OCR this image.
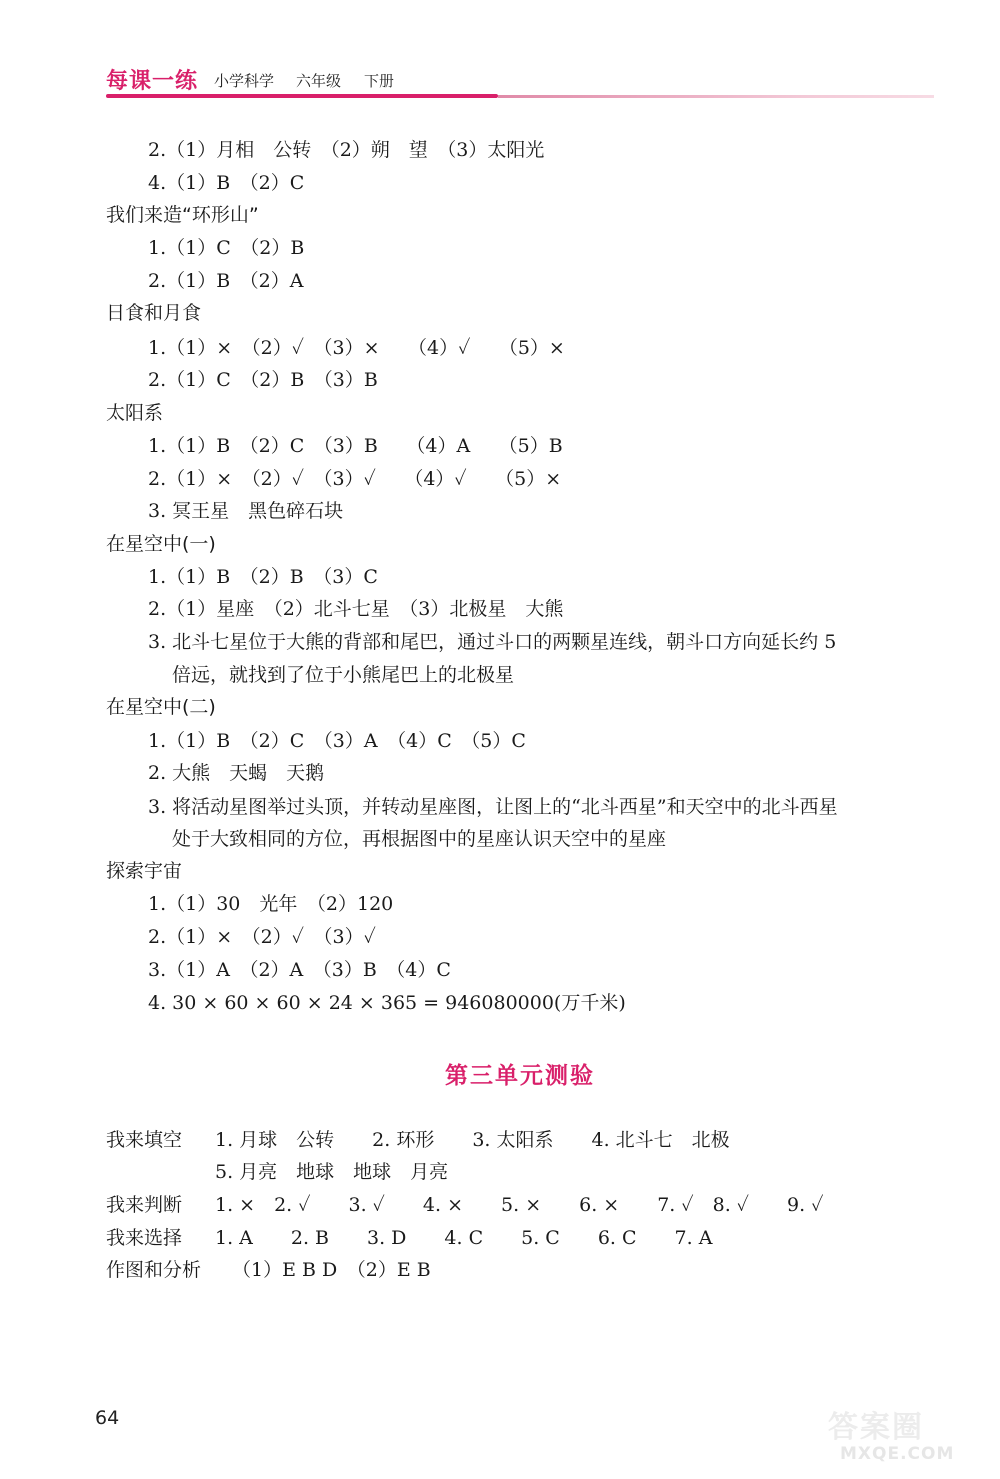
每课一练 小学科学 六年级 下册
2.（1）月相　公转　（2）朔　望　（3）太阳光
4.（1）B　（2）C
我们来造“环形山”
1.（1）C　（2）B
2.（1）B　（2）A
日食和月食
1.（1）×　（2）✓　（3）×　　（4）✓　　（5）×
2.（1）C　（2）B　（3）B
太阳系
1.（1）B　（2）C　（3）B　　（4）A　　（5）B
2.（1）×　（2）✓　（3）✓　　（4）✓　　（5）×
3. 冥王星　黑色碎石块
在星空中(一)
1.（1）B　（2）B　（3）C
2.（1）星座　（2）北斗七星　（3）北极星　大熊
3. 北斗七星位于大熊的背部和尾巴，通过斗口的两颗星连线，朝斗口方向延长约 5
倍远，就找到了位于小熊尾巴上的北极星
在星空中(二)
1.（1）B　（2）C　（3）A　（4）C　（5）C
2. 大熊　天蝎　天鹅
3. 将活动星图举过头顶，并转动星座图，让图上的“北斗西星”和天空中的北斗西星
处于大致相同的方位，再根据图中的星座认识天空中的星座
探索宇宙
1.（1）30　光年　（2）120
2.（1）×　（2）✓　（3）✓
3.（1）A　（2）A　（3）B　（4）C
4. 30 × 60 × 60 × 24 × 365 = 946080000(万千米)
第三单元测验
我来填空 1. 月球　公转　　2. 环形　　3. 太阳系　　4. 北斗七　北极
5. 月亮　地球　地球　月亮
我来判断 1. ×　2. ✓　　3. ✓　　4. ×　　5. ×　　6. ×　　7. ✓　8. ✓　　9. ✓
我来选择 1. A　　2. B　　3. D　　4. C　　5. C　　6. C　　7. A
作图和分析 （1）E B D　（2）E B
64	答案圈
MXQE.COM
